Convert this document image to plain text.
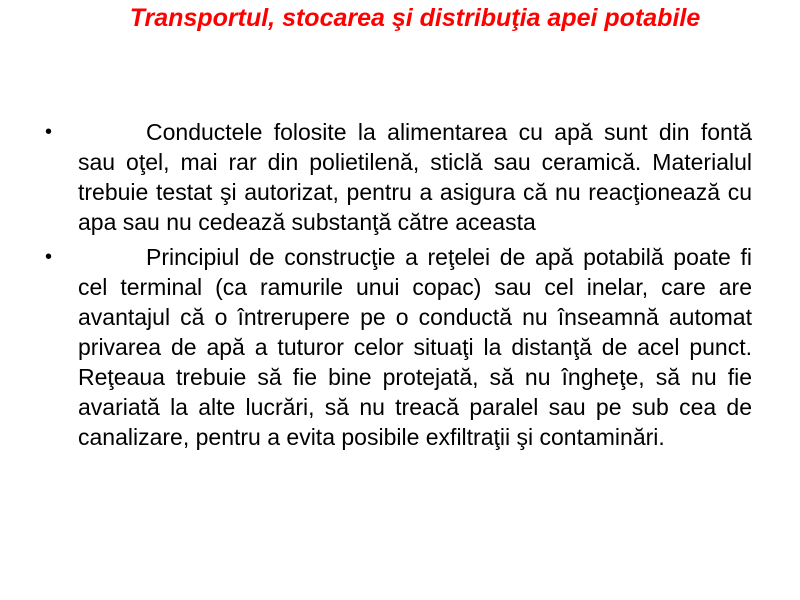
Transportul, stocarea şi distribuţia apei potabile
•	Conductele folosite la alimentarea cu apă sunt din fontă sau oţel, mai rar din polietilenă, sticlă sau ceramică. Materialul trebuie testat şi autorizat, pentru a asigura că nu reacţionează cu apa sau nu cedează substanţă către aceasta
•	Principiul de construcţie a reţelei de apă potabilă poate fi cel terminal (ca ramurile unui copac) sau cel inelar, care are avantajul că o întrerupere pe o conductă nu înseamnă automat privarea de apă a tuturor celor situaţi la distanţă de acel punct. Reţeaua trebuie să fie bine protejată, să nu îngheţe, să nu fie avariată la alte lucrări, să nu treacă paralel sau pe sub cea de canalizare, pentru a evita posibile exfiltraţii şi contaminări.
